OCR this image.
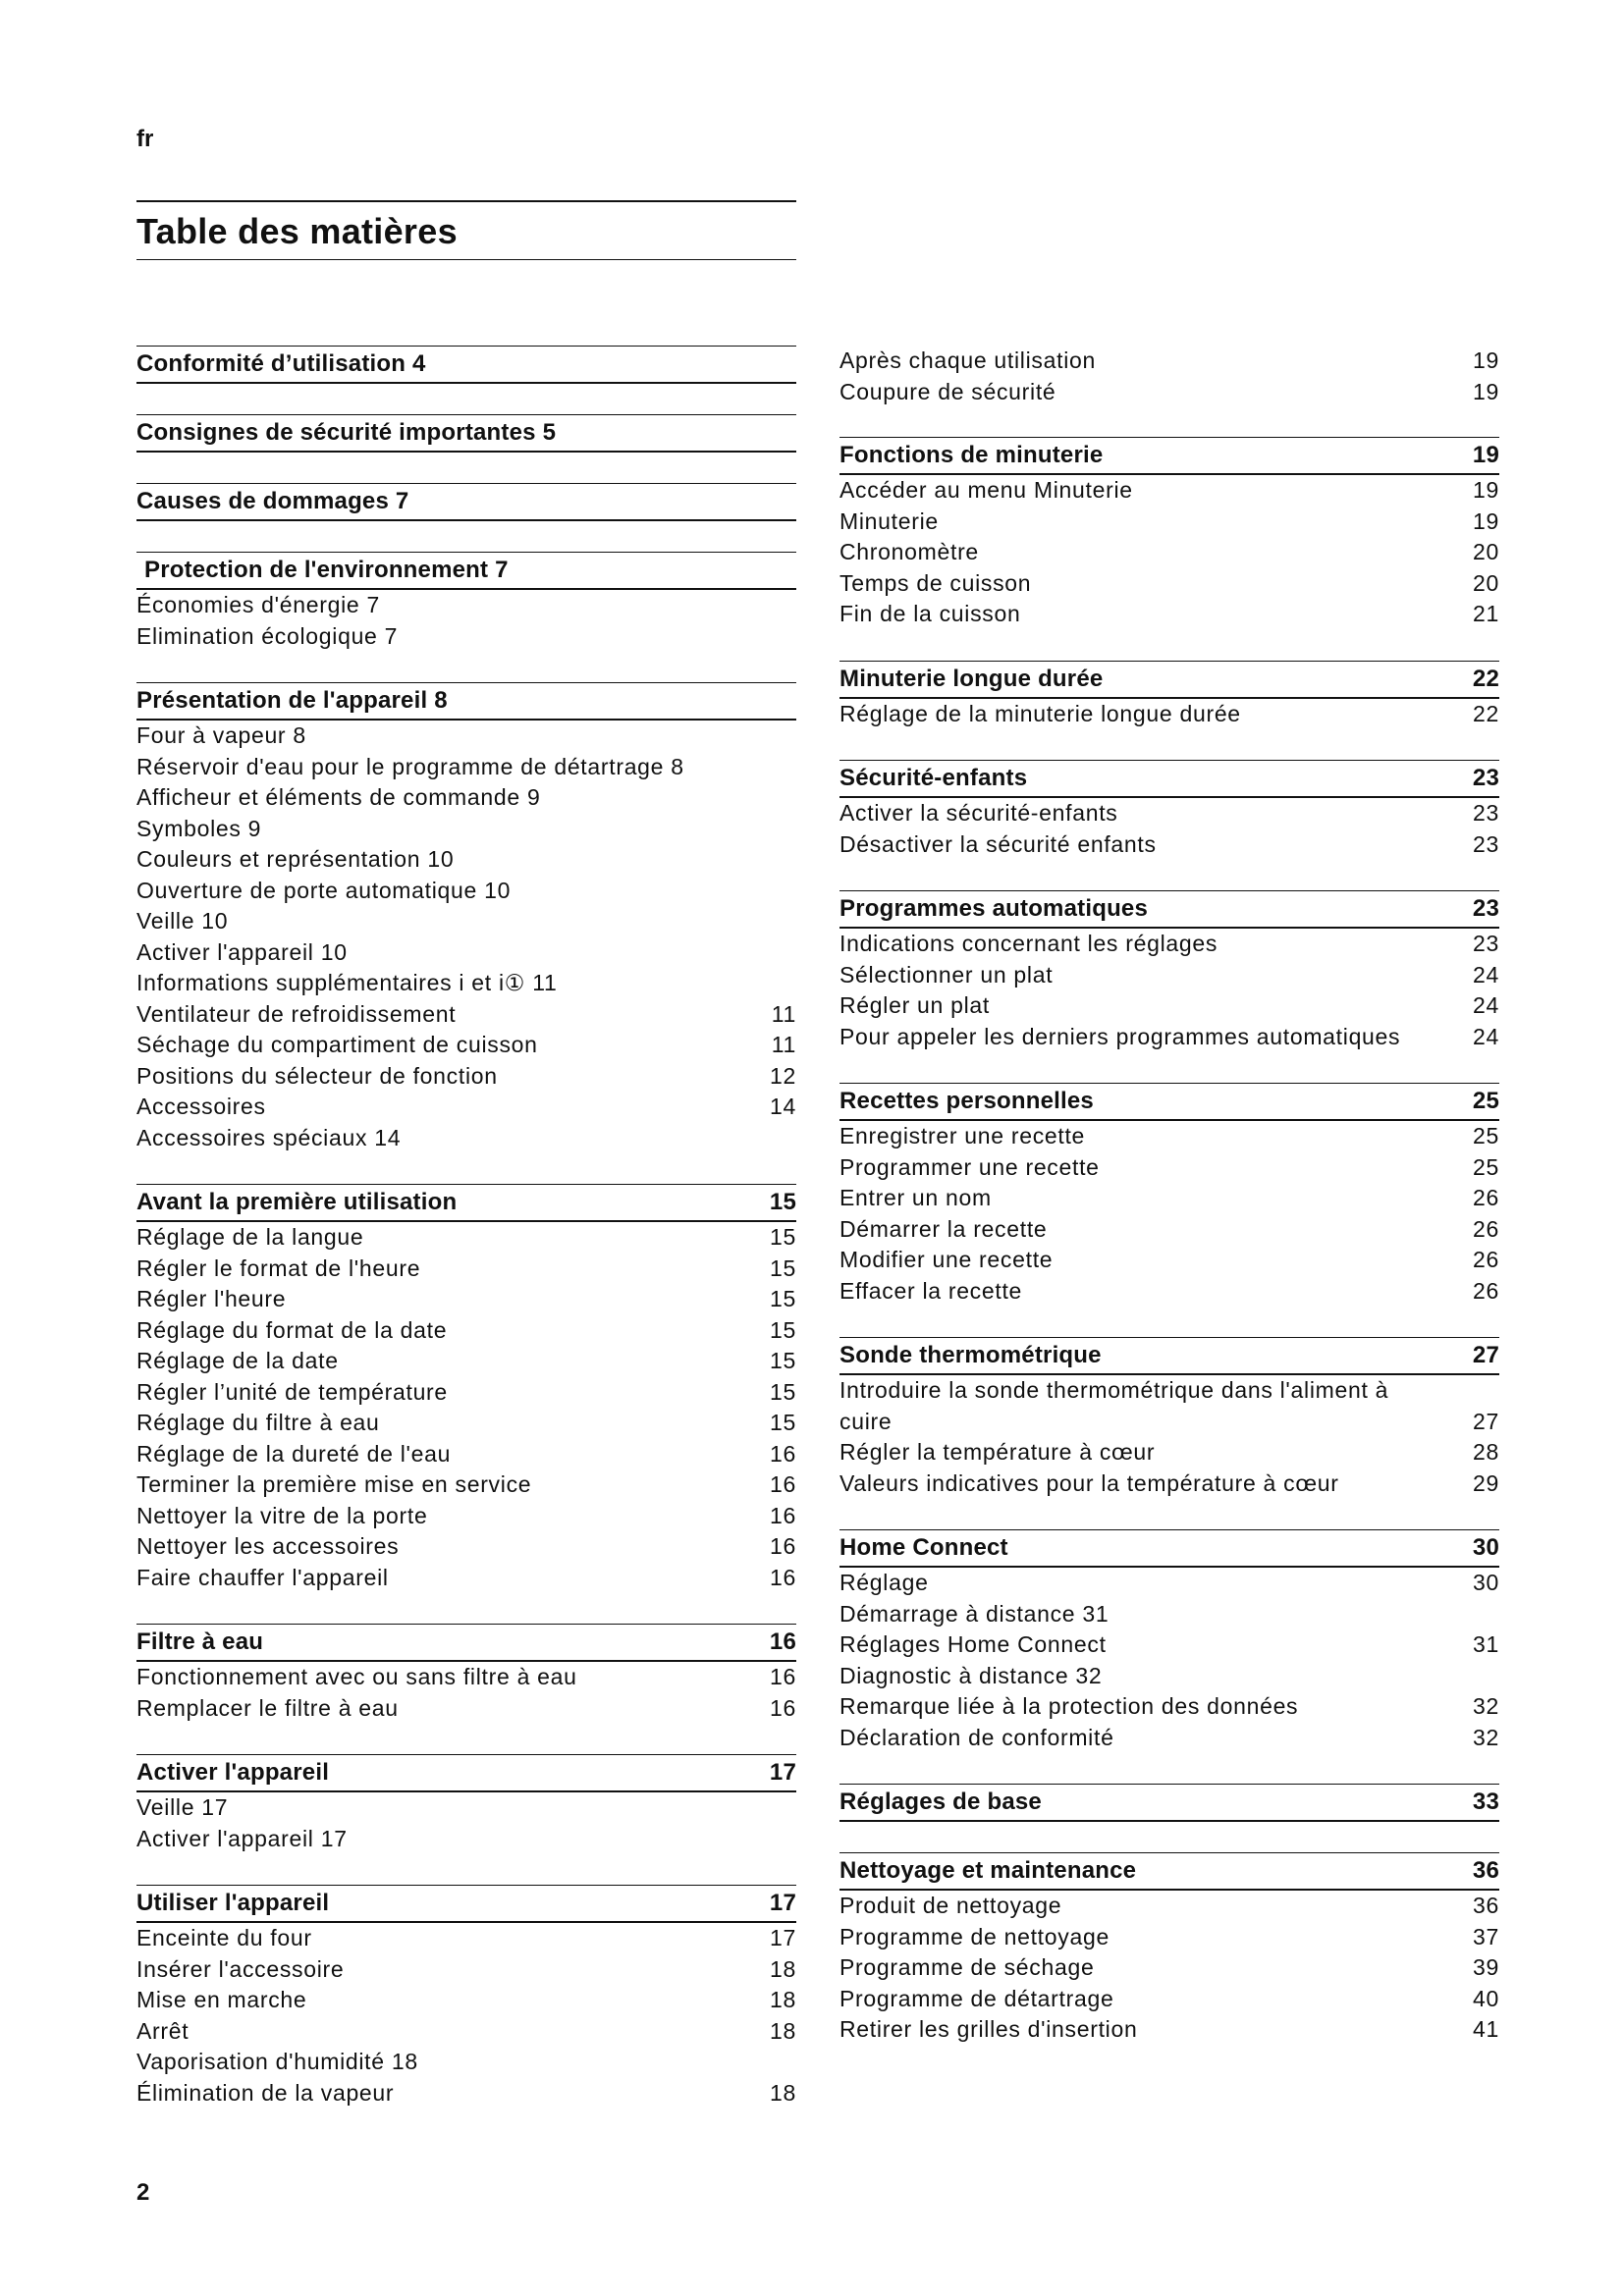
fr
Table des matières
Conformité d’utilisation 4
Consignes de sécurité importantes 5
Causes de dommages 7
Protection de l'environnement 7
Économies d'énergie 7
Elimination écologique 7
Présentation de l'appareil 8
Four à vapeur 8
Réservoir d'eau pour le programme de détartrage 8
Afficheur et éléments de commande 9
Symboles 9
Couleurs et représentation 10
Ouverture de porte automatique 10
Veille 10
Activer l'appareil 10
Informations supplémentaires i et i① 11
Ventilateur de refroidissement	11
Séchage du compartiment de cuisson	11
Positions du sélecteur de fonction	12
Accessoires	14
Accessoires spéciaux 14
Avant la première utilisation	15
Réglage de la langue	15
Régler le format de l'heure	15
Régler l'heure	15
Réglage du format de la date	15
Réglage de la date	15
Régler l’unité de température	15
Réglage du filtre à eau	15
Réglage de la dureté de l'eau	16
Terminer la première mise en service	16
Nettoyer la vitre de la porte	16
Nettoyer les accessoires	16
Faire chauffer l'appareil	16
Filtre à eau	16
Fonctionnement avec ou sans filtre à eau	16
Remplacer le filtre à eau	16
Activer l'appareil	17
Veille 17
Activer l'appareil 17
Utiliser l'appareil	17
Enceinte du four	17
Insérer l'accessoire	18
Mise en marche	18
Arrêt	18
Vaporisation d'humidité 18
Élimination de la vapeur	18
Après chaque utilisation	19
Coupure de sécurité	19
Fonctions de minuterie	19
Accéder au menu Minuterie	19
Minuterie	19
Chronomètre	20
Temps de cuisson	20
Fin de la cuisson	21
Minuterie longue durée	22
Réglage de la minuterie longue durée	22
Sécurité-enfants	23
Activer la sécurité-enfants	23
Désactiver la sécurité enfants	23
Programmes automatiques	23
Indications concernant les réglages	23
Sélectionner un plat	24
Régler un plat	24
Pour appeler les derniers programmes automatiques	24
Recettes personnelles	25
Enregistrer une recette	25
Programmer une recette	25
Entrer un nom	26
Démarrer la recette	26
Modifier une recette	26
Effacer la recette	26
Sonde thermométrique	27
Introduire la sonde thermométrique dans l'aliment à
cuire	27
Régler la température à cœur	28
Valeurs indicatives pour la température à cœur	29
Home Connect	30
Réglage	30
Démarrage à distance 31
Réglages Home Connect	31
Diagnostic à distance 32
Remarque liée à la protection des données	32
Déclaration de conformité	32
Réglages de base	33
Nettoyage et maintenance	36
Produit de nettoyage	36
Programme de nettoyage	37
Programme de séchage	39
Programme de détartrage	40
Retirer les grilles d'insertion	41
2
